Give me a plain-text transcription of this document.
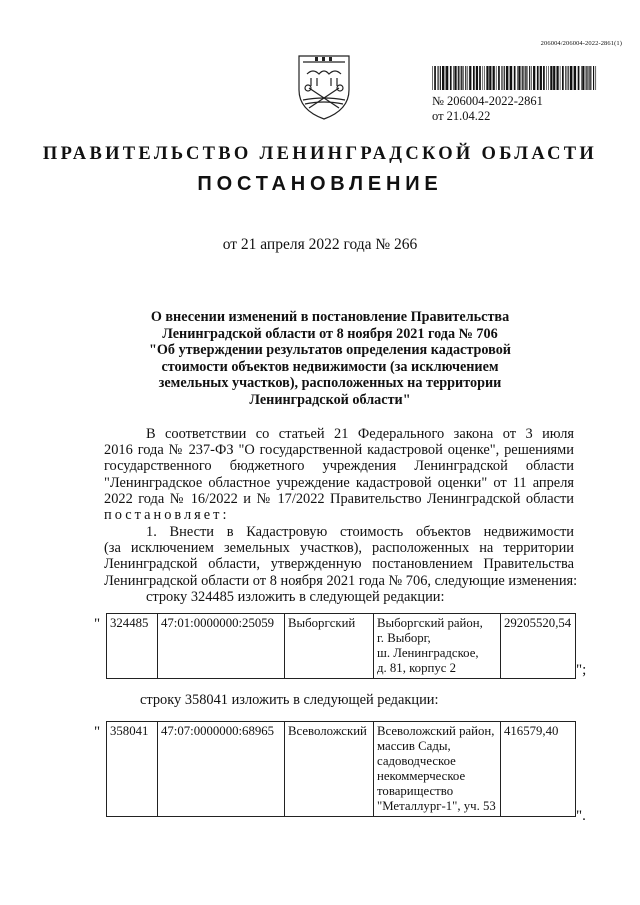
206004/206004-2022-2861(1)
№ 206004-2022-2861
от 21.04.22
ПРАВИТЕЛЬСТВО ЛЕНИНГРАДСКОЙ ОБЛАСТИ
ПОСТАНОВЛЕНИЕ
от 21 апреля 2022 года № 266
О внесении изменений в постановление Правительства
Ленинградской области от 8 ноября 2021 года № 706
"Об утверждении результатов определения кадастровой
стоимости объектов недвижимости (за исключением
земельных участков), расположенных на территории
Ленинградской области"
В соответствии со статьей 21 Федерального закона от 3 июля
2016 года № 237-ФЗ "О государственной кадастровой оценке", решениями
государственного бюджетного учреждения Ленинградской области
"Ленинградское областное учреждение кадастровой оценки" от 11 апреля
2022 года № 16/2022 и № 17/2022 Правительство Ленинградской области
постановляет:
1. Внести в Кадастровую стоимость объектов недвижимости
(за исключением земельных участков), расположенных на территории
Ленинградской области, утвержденную постановлением Правительства
Ленинградской области от 8 ноября 2021 года № 706, следующие изменения:
строку 324485 изложить в следующей редакции:
" 324485	47:01:0000000:25059	Выборгский	Выборгский район,
г. Выборг,
ш. Ленинградское,
д. 81, корпус 2
	29205520,54
";
строку 358041 изложить в следующей редакции:
" 358041	47:07:0000000:68965	Всеволожский	Всеволожский район,
массив Сады,
садоводческое
некоммерческое
товарищество
"Металлург-1", уч. 53
	416579,40
".
